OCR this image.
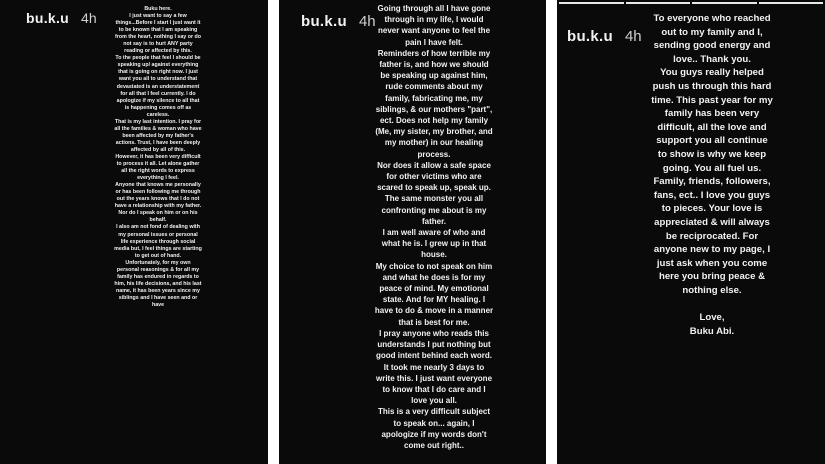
bu.k.u 4h
Buku here.
I just want to say a few things...Before I start I just want it to be known that I am speaking from the heart, nothing I say or do not say is to hurt ANY party reading or affected by this.
To the people that feel I should be speaking up/ against everything that is going on right now. I just want you all to understand that devastated is an understatement for all that I feel currently. I do apologize if my silence to all that is happening comes off as careless.
That is my last intention. I pray for all the families & woman who have been affected by my father's actions. Trust, I have been deeply affected by all of this.
However, it has been very difficult to process it all. Let alone gather all the right words to express everything I feel.
Anyone that knows me personally or has been following me through out the years knows that I do not have a relationship with my father. Nor do I speak on him or on his behalf.
I also am not fond of dealing with my personal issues or personal life experience through social media but, I feel things are starting to get out of hand.
Unfortunately, for my own personal reasonings & for all my family has endured in regards to him, his life decisions, and his last name, it has been years since my siblings and I have seen and or have
Going through all I have gone through in my life, I would never want anyone to feel the pain I have felt.
Reminders of how terrible my father is, and how we should be speaking up against him, rude comments about my family, fabricating me, my siblings, & our mothers "part", ect. Does not help my family (Me, my sister, my brother, and my mother) in our healing process.
Nor does it allow a safe space for other victims who are scared to speak up, speak up.
The same monster you all confronting me about is my father.
I am well aware of who and what he is. I grew up in that house.
My choice to not speak on him and what he does is for my peace of mind. My emotional state. And for MY healing. I have to do & move in a manner that is best for me.
I pray anyone who reads this understands I put nothing but good intent behind each word. It took me nearly 3 days to write this. I just want everyone to know that I do care and I love you all.
This is a very difficult subject to speak on... again, I apologize if my words don't come out right..
bu.k.u 4h
bu.k.u 4h
To everyone who reached out to my family and I, sending good energy and love.. Thank you.
You guys really helped push us through this hard time. This past year for my family has been very difficult, all the love and support you all continue to show is why we keep going. You all fuel us. Family, friends, followers, fans, ect.. I love you guys to pieces. Your love is appreciated & will always be reciprocated. For anyone new to my page, I just ask when you come here you bring peace & nothing else.

Love,
Buku Abi.
